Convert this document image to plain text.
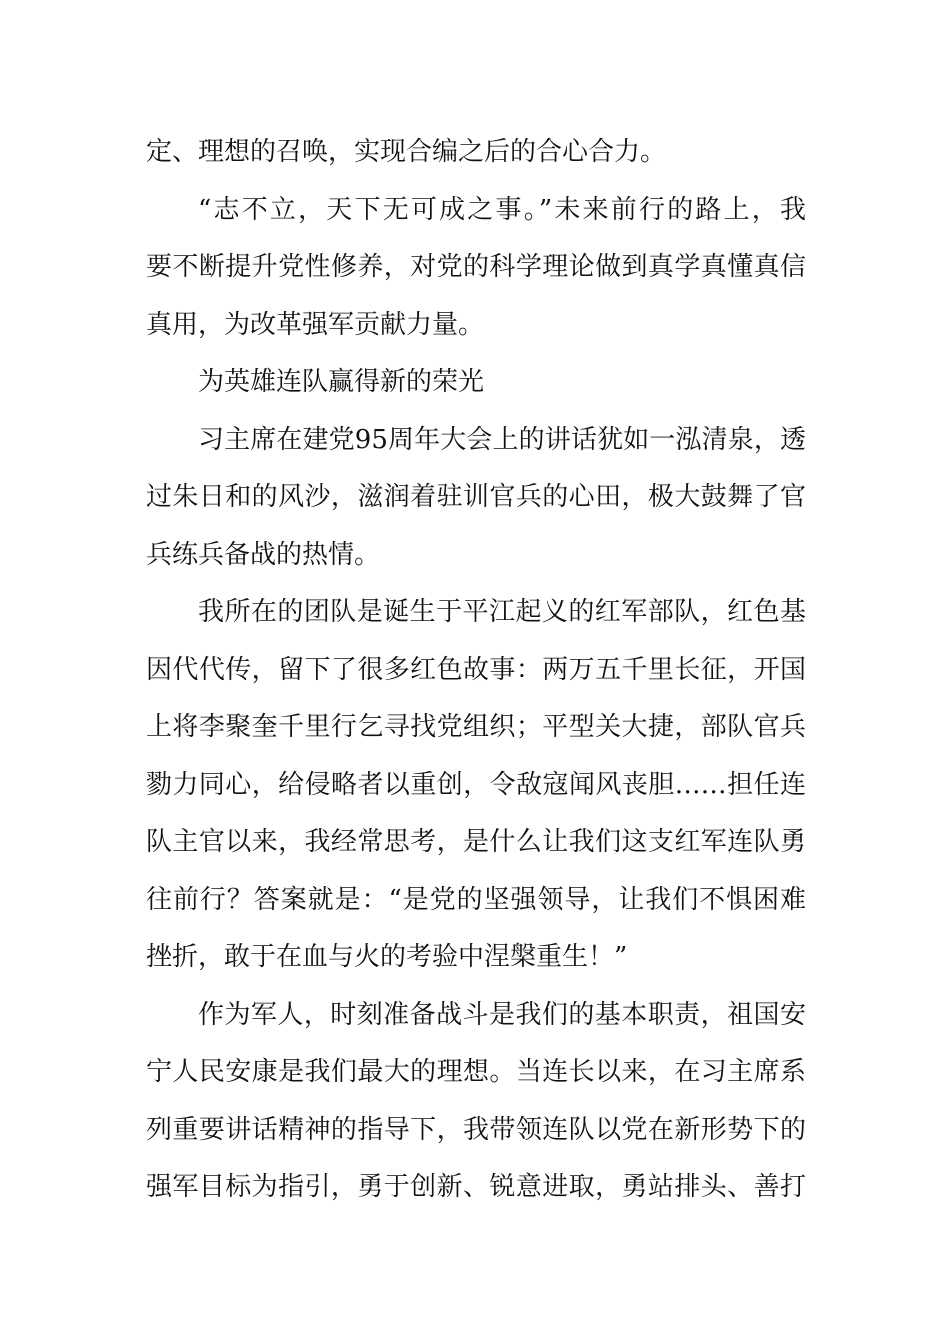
定、理想的召唤，实现合编之后的合心合力。
“志不立，天下无可成之事。”未来前行的路上，我
要不断提升党性修养，对党的科学理论做到真学真懂真信
真用，为改革强军贡献力量。
为英雄连队赢得新的荣光
习主席在建党95周年大会上的讲话犹如一泓清泉，透
过朱日和的风沙，滋润着驻训官兵的心田，极大鼓舞了官
兵练兵备战的热情。
我所在的团队是诞生于平江起义的红军部队，红色基
因代代传，留下了很多红色故事：两万五千里长征，开国
上将李聚奎千里行乞寻找党组织；平型关大捷，部队官兵
勠力同心，给侵略者以重创，令敌寇闻风丧胆……担任连
队主官以来，我经常思考，是什么让我们这支红军连队勇
往前行？答案就是：“是党的坚强领导，让我们不惧困难
挫折，敢于在血与火的考验中涅槃重生！”
作为军人，时刻准备战斗是我们的基本职责，祖国安
宁人民安康是我们最大的理想。当连长以来，在习主席系
列重要讲话精神的指导下，我带领连队以党在新形势下的
强军目标为指引，勇于创新、锐意进取，勇站排头、善打
